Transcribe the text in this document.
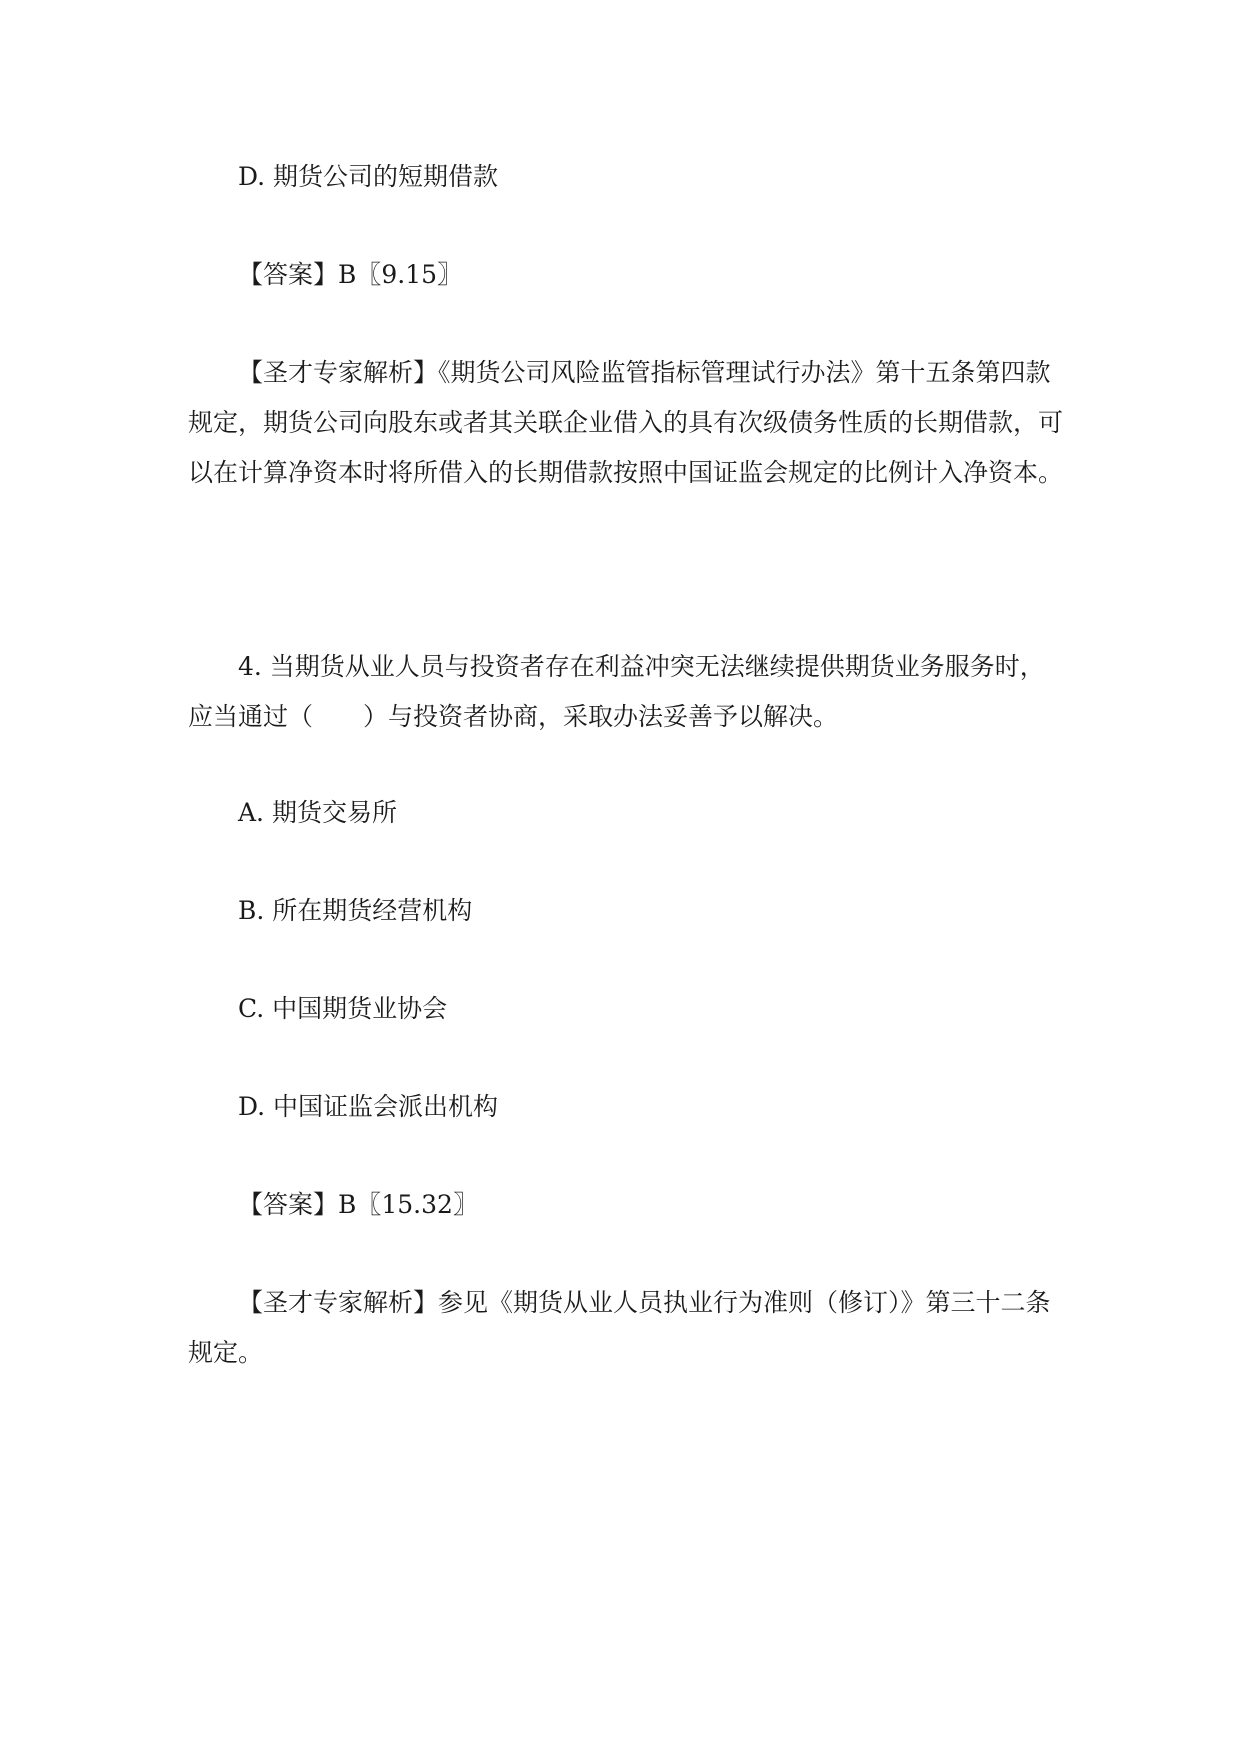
D. 期货公司的短期借款
【答案】B〖9.15〗
【圣才专家解析】《期货公司风险监管指标管理试行办法》第十五条第四款
规定，期货公司向股东或者其关联企业借入的具有次级债务性质的长期借款，可
以在计算净资本时将所借入的长期借款按照中国证监会规定的比例计入净资本。
4. 当期货从业人员与投资者存在利益冲突无法继续提供期货业务服务时，
应当通过（　　）与投资者协商，采取办法妥善予以解决。
A. 期货交易所
B. 所在期货经营机构
C. 中国期货业协会
D. 中国证监会派出机构
【答案】B〖15.32〗
【圣才专家解析】参见《期货从业人员执业行为准则（修订）》第三十二条
规定。
